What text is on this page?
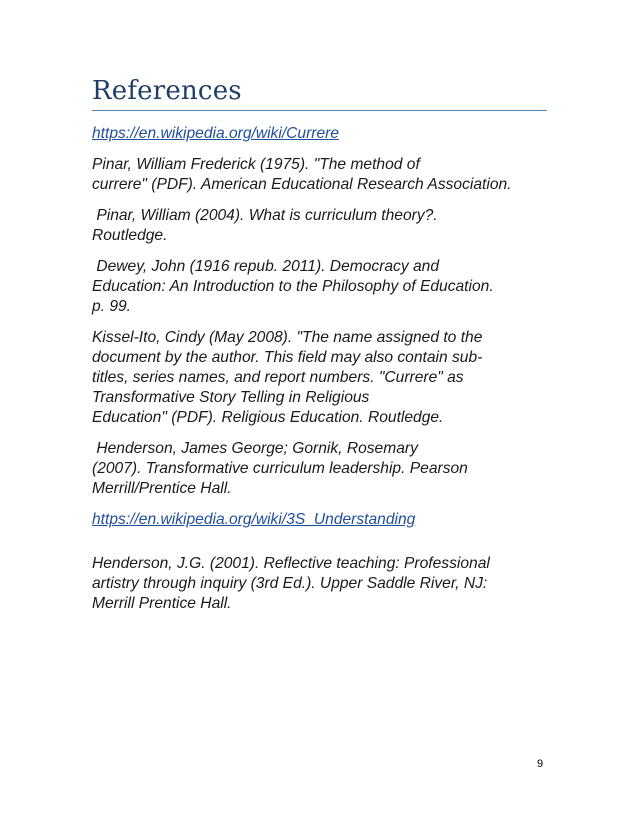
References

https://en.wikipedia.org/wiki/Currere

Pinar, William Frederick (1975). "The method of
currere" (PDF). American Educational Research Association.

Pinar, William (2004). What is curriculum theory?.
Routledge.

Dewey, John (1916 repub. 2011). Democracy and
Education: An Introduction to the Philosophy of Education.
p. 99.

Kissel-Ito, Cindy (May 2008). "The name assigned to the
document by the author. This field may also contain sub-
titles, series names, and report numbers. "Currere" as
Transformative Story Telling in Religious
Education" (PDF). Religious Education. Routledge.

Henderson, James George; Gornik, Rosemary
(2007). Transformative curriculum leadership. Pearson
Merrill/Prentice Hall.

https://en.wikipedia.org/wiki/3S_Understanding

Henderson, J.G. (2001). Reflective teaching: Professional
artistry through inquiry (3rd Ed.). Upper Saddle River, NJ:
Merrill Prentice Hall.

9
